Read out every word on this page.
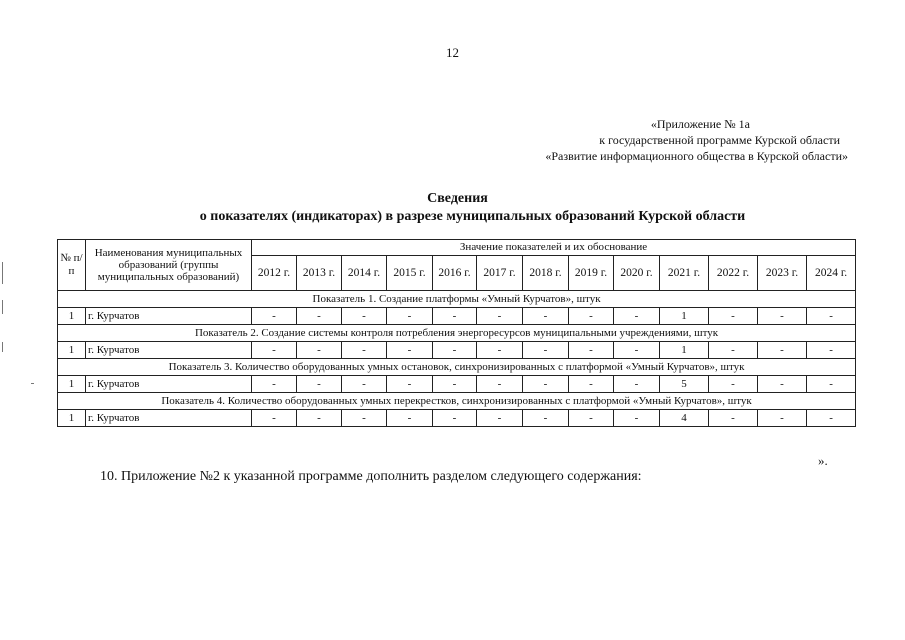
12
«Приложение № 1а
к государственной программе Курской области
«Развитие информационного общества в Курской области»
Сведения
о показателях (индикаторах) в разрезе муниципальных образований Курской области
№ п/п	Наименования муниципальных образований (группы муниципальных образований)	Значение показателей и их обоснование												
		2012 г.	2013 г.	2014 г.	2015 г.	2016 г.	2017 г.	2018 г.	2019 г.	2020 г.	2021 г.	2022 г.	2023 г.	2024 г.
Показатель 1. Создание платформы «Умный Курчатов», штук														
1	г. Курчатов	-	-	-	-	-	-	-	-	-	1	-	-	-
Показатель 2. Создание системы контроля потребления энергоресурсов муниципальными учреждениями, штук														
1	г. Курчатов	-	-	-	-	-	-	-	-	-	1	-	-	-
Показатель 3. Количество оборудованных умных остановок, синхронизированных с платформой «Умный Курчатов», штук														
1	г. Курчатов	-	-	-	-	-	-	-	-	-	5	-	-	-
Показатель 4. Количество оборудованных умных перекрестков, синхронизированных с платформой «Умный Курчатов», штук														
1	г. Курчатов	-	-	-	-	-	-	-	-	-	4	-	-	-
».
10. Приложение №2 к указанной программе дополнить разделом следующего содержания:
